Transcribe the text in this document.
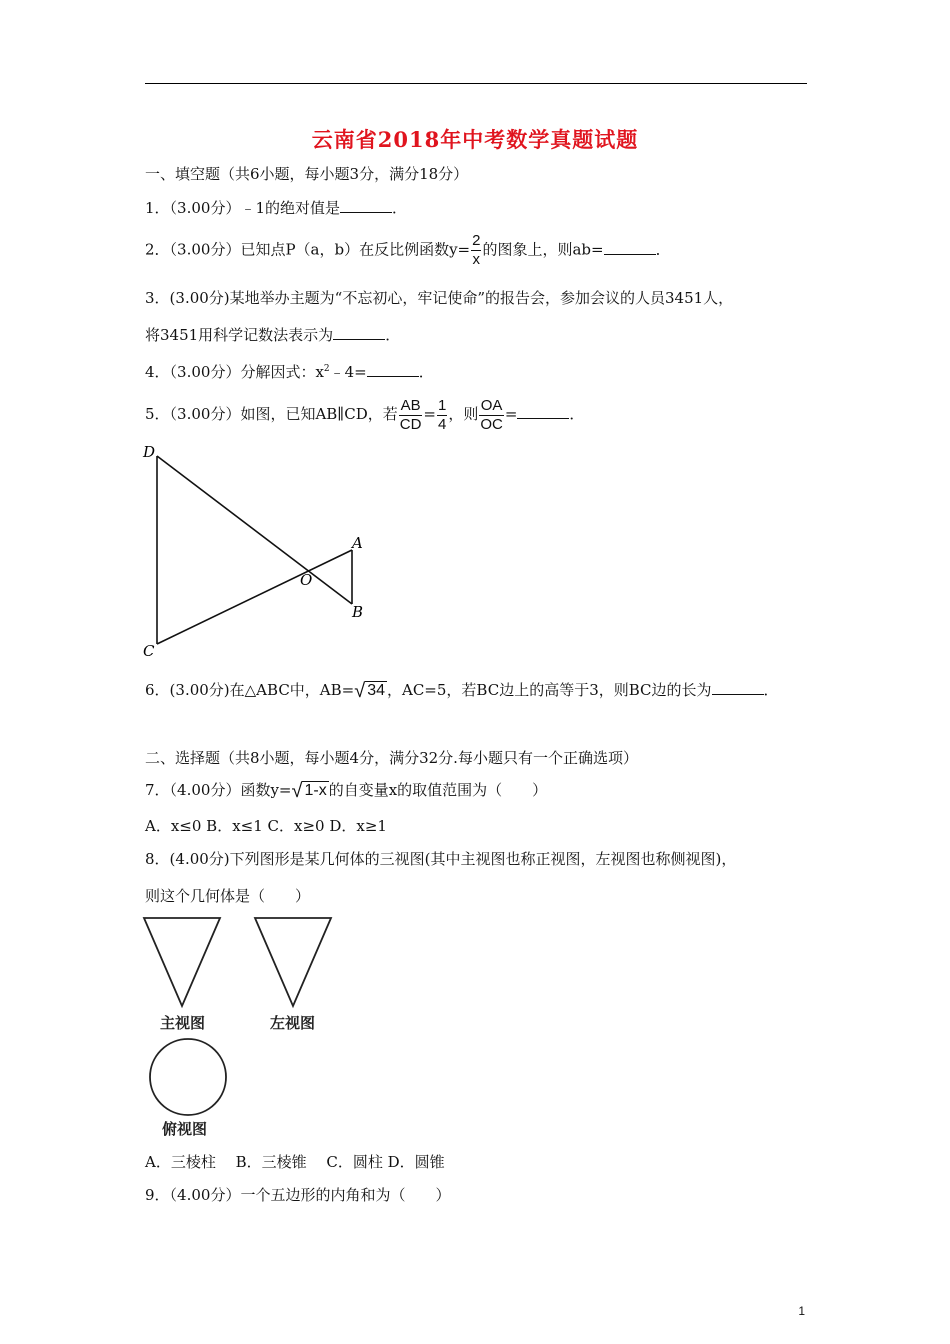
云南省2018年中考数学真题试题
一、填空题（共6小题，每小题3分，满分18分）
1．（3.00分）﹣1的绝对值是	．
2．（3.00分）已知点P（a，b）在反比例函数$y= \frac{2}{x}$ 的图象上，则ab=	．
3．(3.00分)某地举办主题为“不忘初心，牢记使命”的报告会，参加会议的人员3451人，
将3451用科学记数法表示为	．
4．（3.00分）分解因式：$x^2﹣4=$	．
5．（3.00分）如图，已知AB∥CD，若 $\frac{AB}{CD} = \frac{1}{4}$ ，则 $\frac{OA}{OC}$ =	．
D
C
O
A
B
6．(3.00分)在△ABC中，AB= √ 34 ，AC=5，若BC边上的高等于3，则BC边的长为	．
二、选择题（共8小题，每小题4分，满分32分.每小题只有一个正确选项）
7．（4.00分）函数y= √ 1-x 的自变量x的取值范围为（　　）
A．x≤0 B．x≤1 C．x≥0 D．x≥1
8．(4.00分)下列图形是某几何体的三视图(其中主视图也称正视图，左视图也称侧视图)，
则这个几何体是（　　）
主视图	左视图
俯视图
A．三棱柱　 B．三棱锥　 C．圆柱 D．圆锥
9．（4.00分）一个五边形的内角和为（　　）
1
